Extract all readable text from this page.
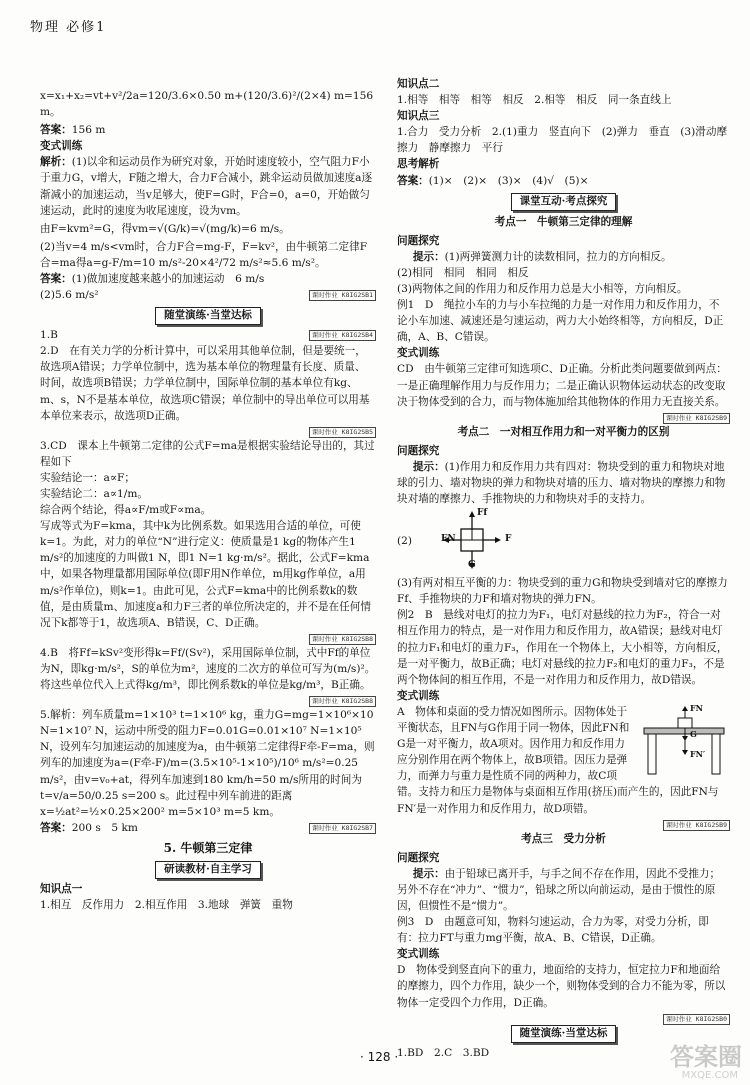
物理 必修1

x=x₁+x₂=vt+v²/2a=120/3.6×0.50 m+(120/3.6)²/(2×4) m=156 m。

答案：156 m

变式训练

解析：(1)以伞和运动员作为研究对象，开始时速度较小，空气阻力F小于重力G，v增大，F随之增大，合力F合减小，跳伞运动员做加速度a逐渐减小的加速运动，当v足够大，使F=G时，F合=0，a=0，开始做匀速运动，此时的速度为收尾速度，设为vm。

由F=kvm²=G，得vm=√(G/k)=√(mg/k)=6 m/s。

(2)当v=4 m/s<vm时，合力F合=mg-F，F=kv²，由牛顿第二定律F合=ma得a=g-F/m=10 m/s²-20×4²/72 m/s²≈5.6 m/s²。

答案：(1)做加速度越来越小的加速运动　6 m/s

(2)5.6 m/s²	课时作业 K8IG2SB1

随堂演练·当堂达标

1.B	课时作业 K8IG2SB4

2.D　在有关力学的分析计算中，可以采用其他单位制，但是要统一，故选项A错误；力学单位制中，选为基本单位的物理量有长度、质量、时间，故选项B错误；力学单位制中，国际单位制的基本单位有kg、m、s，N不是基本单位，故选项C错误；单位制中的导出单位可以用基本单位来表示，故选项D正确。

课时作业 K8IG2SB5

3.CD　课本上牛顿第二定律的公式F=ma是根据实验结论导出的，其过程如下

实验结论一：a∝F；

实验结论二：a∝1/m。

综合两个结论，得a∝F/m或F∝ma。

写成等式为F=kma，其中k为比例系数。如果选用合适的单位，可使k=1。为此，对力的单位“N”进行定义：使质量是1 kg的物体产生1 m/s²的加速度的力叫做1 N，即1 N=1 kg·m/s²。据此，公式F=kma中，如果各物理量都用国际单位(即F用N作单位，m用kg作单位，a用m/s²作单位)，则k=1。由此可见，公式F=kma中的比例系数k的数值，是由质量m、加速度a和力F三者的单位所决定的，并不是在任何情况下k都等于1，故选项A、B错误，C、D正确。

课时作业 K8IG2SB8

4.B　将Ff=kSv²变形得k=Ff/(Sv²)，采用国际单位制，式中Ff的单位为N，即kg·m/s²，S的单位为m²，速度的二次方的单位可写为(m/s)²。将这些单位代入上式得kg/m³，即比例系数k的单位是kg/m³，B正确。

课时作业 K8IG2SB8

5.解析：列车质量m=1×10³ t=1×10⁶ kg，重力G=mg=1×10⁶×10 N=1×10⁷ N，运动中所受的阻力F=0.01G=0.01×10⁷ N=1×10⁵ N，设列车匀加速运动的加速度为a，由牛顿第二定律得F牵-F=ma，则列车的加速度为a=(F牵-F)/m=(3.5×10⁵-1×10⁵)/10⁶ m/s²=0.25 m/s²，由v=v₀+at，得列车加速到180 km/h=50 m/s所用的时间为t=v/a=50/0.25 s=200 s。此过程中列车前进的距离x=½at²=½×0.25×200² m=5×10³ m=5 km。

答案：200 s　5 km	课时作业 K8IG2SB7

5. 牛顿第三定律

研读教材·自主学习

知识点一

1.相互　反作用力　2.相互作用　3.地球　弹簧　重物

知识点二

1.相等　相等　相等　相反　2.相等　相反　同一条直线上

知识点三

1.合力　受力分析　2.(1)重力　竖直向下　(2)弹力　垂直　(3)滑动摩擦力　静摩擦力　平行

思考解析

答案：(1)×　(2)×　(3)×　(4)√　(5)×

课堂互动·考点探究

考点一　牛顿第三定律的理解

问题探究

提示：(1)两弹簧测力计的读数相同，拉力的方向相反。

(2)相同　相同　相同　相反

(3)两物体之间的作用力和反作用力总是大小相等，方向相反。

例1　D　绳拉小车的力与小车拉绳的力是一对作用力和反作用力，不论小车加速、减速还是匀速运动，两力大小始终相等，方向相反，D正确，A、B、C错误。

变式训练

CD　由牛顿第三定律可知选项C、D正确。分析此类问题要做到两点：一是正确理解作用力与反作用力；二是正确认识物体运动状态的改变取决于物体受到的合力，而与物体施加给其他物体的作用力无直接关系。

课时作业 K8IG2SB9

考点二　一对相互作用力和一对平衡力的区别

问题探究

提示：(1)作用力和反作用力共有四对：物块受到的重力和物块对地球的引力、墙对物块的弹力和物块对墙的压力、墙对物块的摩擦力和物块对墙的摩擦力、手推物块的力和物块对手的支持力。

(2)	FN
Ff
F
G

(3)有两对相互平衡的力：物块受到的重力G和物块受到墙对它的摩擦力Ff、手推物块的力F和墙对物块的弹力FN。

例2　B　悬线对电灯的拉力为F₁，电灯对悬线的拉力为F₂，符合一对相互作用力的特点，是一对作用力和反作用力，故A错误；悬线对电灯的拉力F₁和电灯的重力F₃，作用在一个物体上，大小相等，方向相反，是一对平衡力，故B正确；电灯对悬线的拉力F₂和电灯的重力F₃，不是两个物体间的相互作用，不是一对作用力和反作用力，故D错误。

变式训练

FN
G
FN′

A　物体和桌面的受力情况如图所示。因物体处于平衡状态，且FN与G作用于同一物体，因此FN和G是一对平衡力，故A项对。因作用力和反作用力应分别作用在两个物体上，故B项错。因压力是弹力，而弹力与重力是性质不同的两种力，故C项错。支持力和压力是物体与桌面相互作用(挤压)而产生的，因此FN与FN′是一对作用力和反作用力，故D项错。

课时作业 K8IG2SB9

考点三　受力分析

问题探究

提示：由于铅球已离开手，与手之间不存在作用，因此不受推力；另外不存在“冲力”、“惯力”，铅球之所以向前运动，是由于惯性的原因，但惯性不是“惯力”。

例3　D　由题意可知，物料匀速运动，合力为零，对受力分析，即有：拉力FT与重力mg平衡，故A、B、C错误，D正确。

变式训练

D　物体受到竖直向下的重力，地面给的支持力，恒定拉力F和地面给的摩擦力，四个力作用，缺少一个，则物体受到的合力不能为零，所以物体一定受四个力作用，D正确。

课时作业 K8IG2SB0

随堂演练·当堂达标

1.BD　2.C　3.BD

· 128 ·	答案圈
MXQE.COM
